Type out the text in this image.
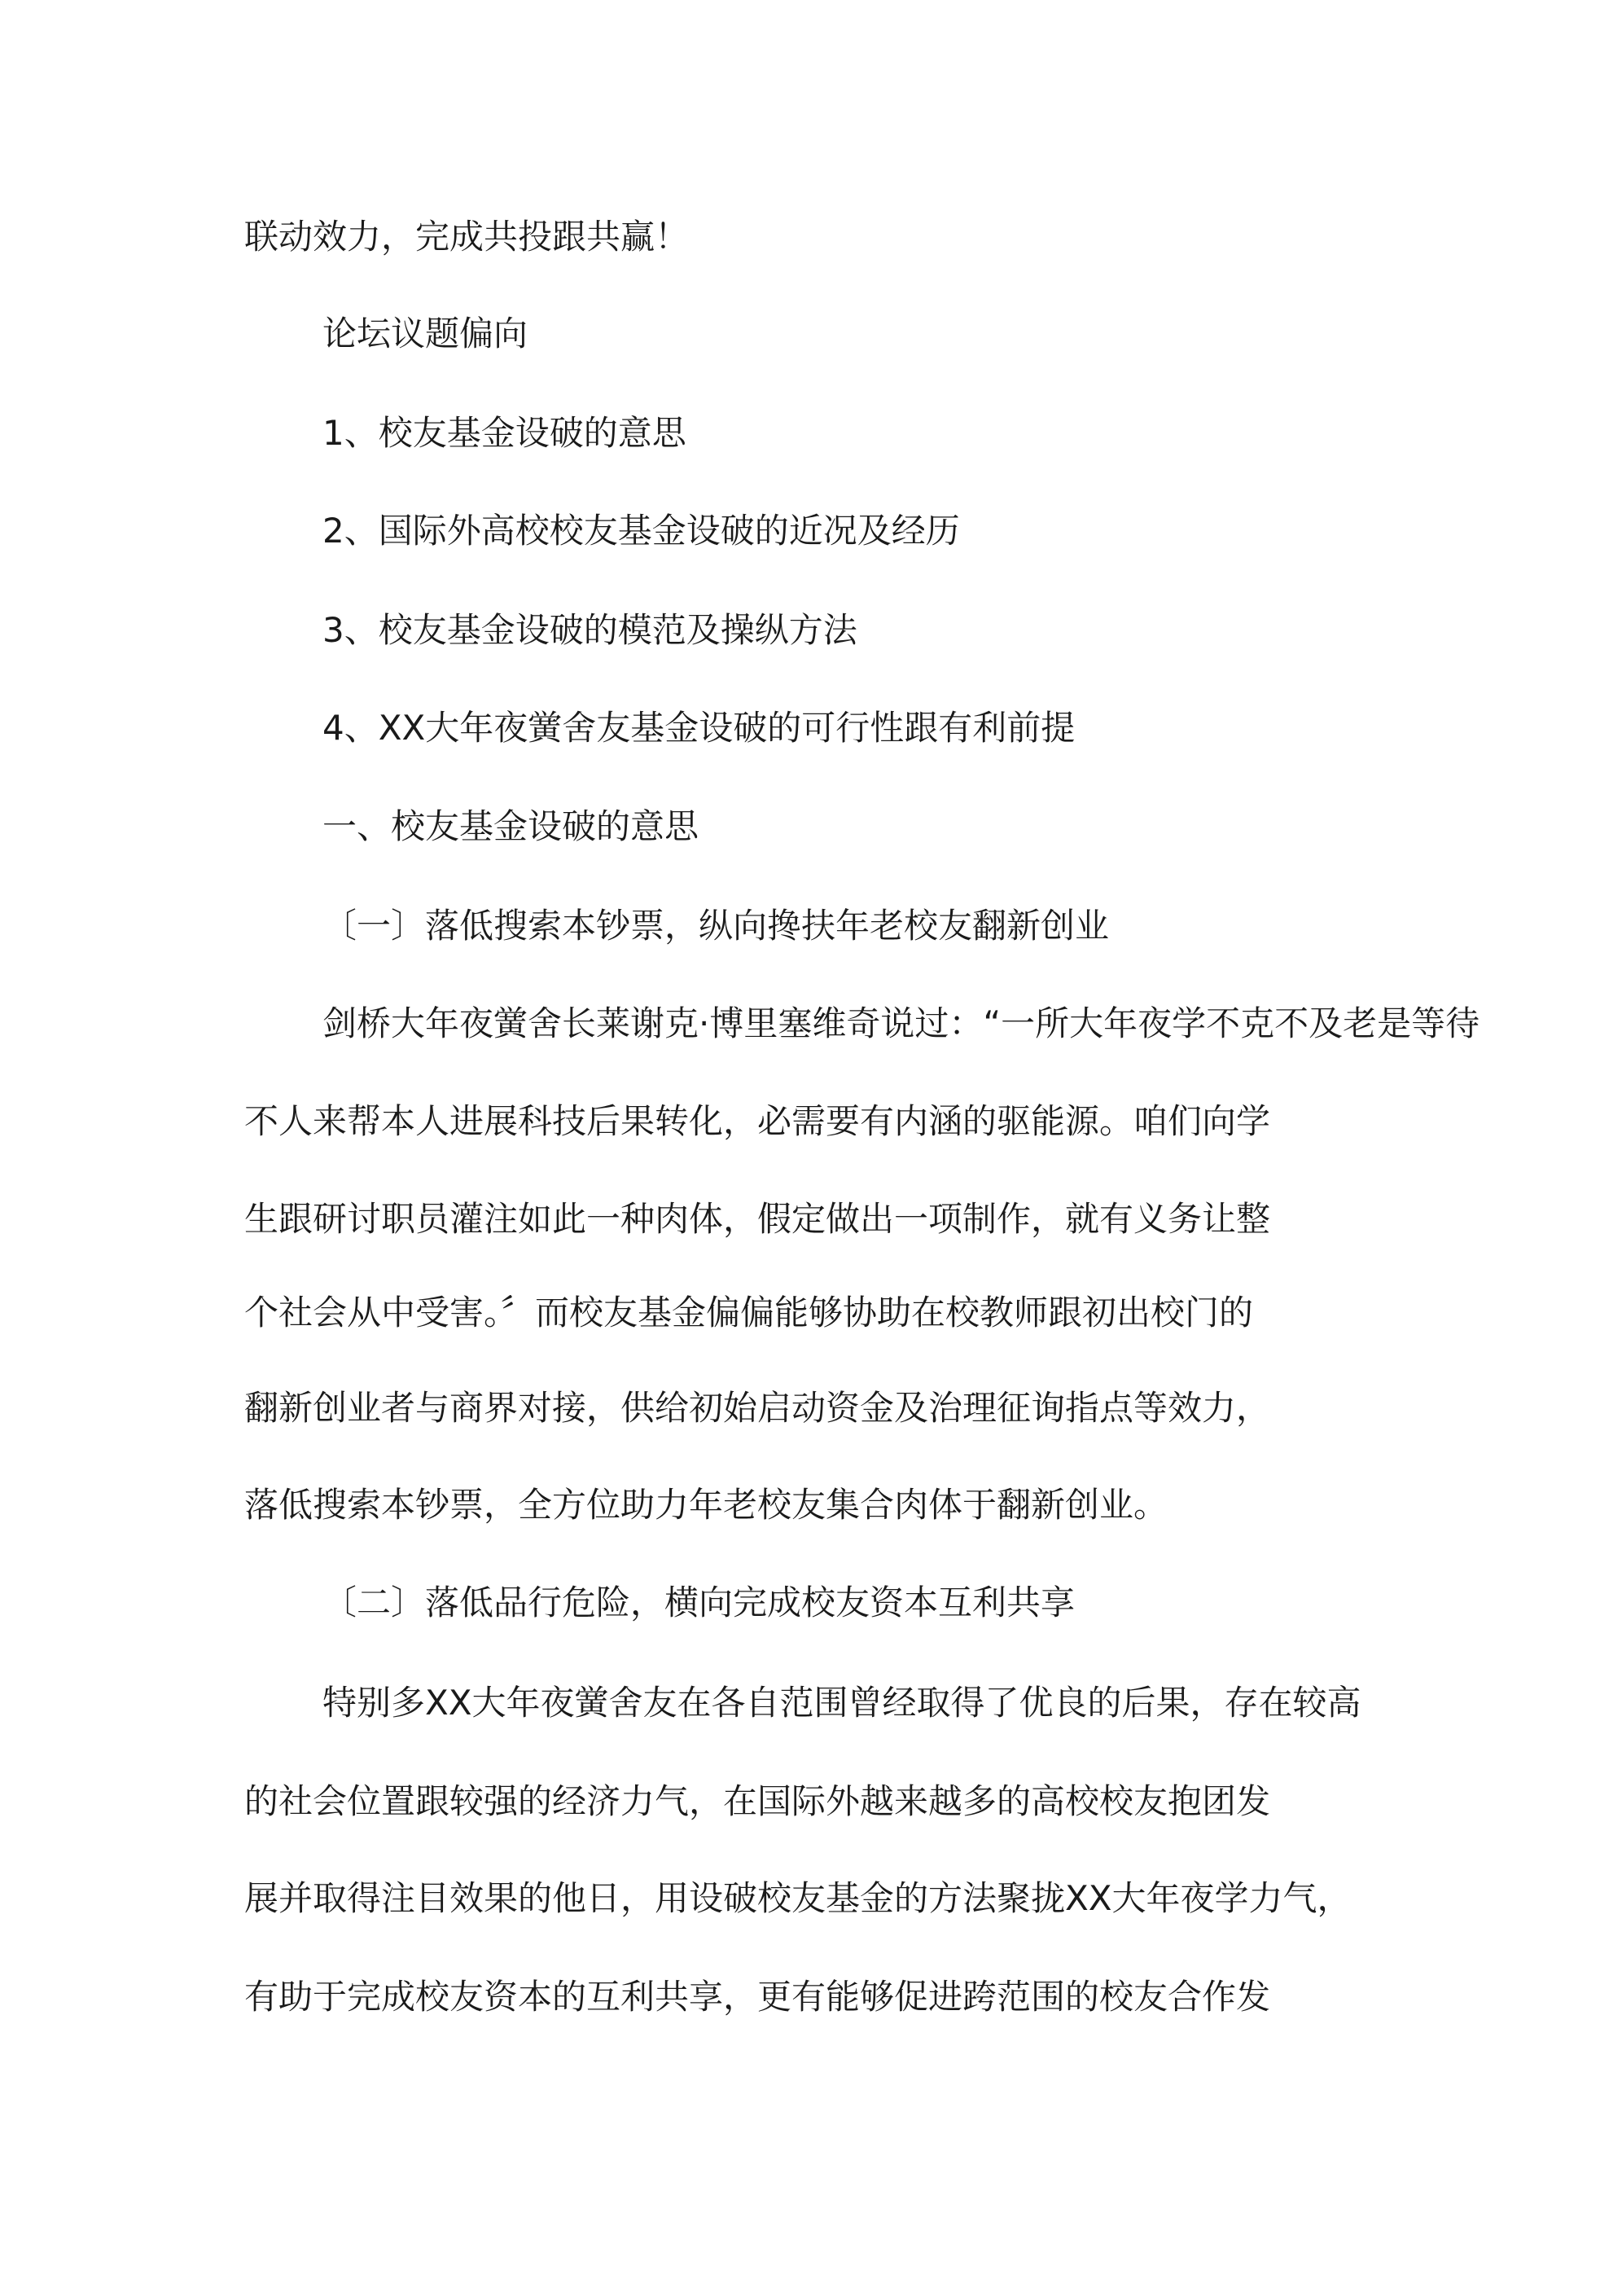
联动效力，完成共投跟共赢！
论坛议题偏向
1、校友基金设破的意思
2、国际外高校校友基金设破的近况及经历
3、校友基金设破的模范及操纵方法
4、XX大年夜黉舍友基金设破的可行性跟有利前提
一、校友基金设破的意思
〔一〕落低搜索本钞票，纵向搀扶年老校友翻新创业
剑桥大年夜黉舍长莱谢克·博里塞维奇说过：“一所大年夜学不克不及老是等待
不人来帮本人进展科技后果转化，必需要有内涵的驱能源。咱们向学
生跟研讨职员灌注如此一种肉体，假定做出一项制作，就有义务让整
个社会从中受害。〞而校友基金偏偏能够协助在校教师跟初出校门的
翻新创业者与商界对接，供给初始启动资金及治理征询指点等效力，
落低搜索本钞票，全方位助力年老校友集合肉体于翻新创业。
〔二〕落低品行危险，横向完成校友资本互利共享
特别多XX大年夜黉舍友在各自范围曾经取得了优良的后果，存在较高
的社会位置跟较强的经济力气，在国际外越来越多的高校校友抱团发
展并取得注目效果的他日，用设破校友基金的方法聚拢XX大年夜学力气，
有助于完成校友资本的互利共享，更有能够促进跨范围的校友合作发
